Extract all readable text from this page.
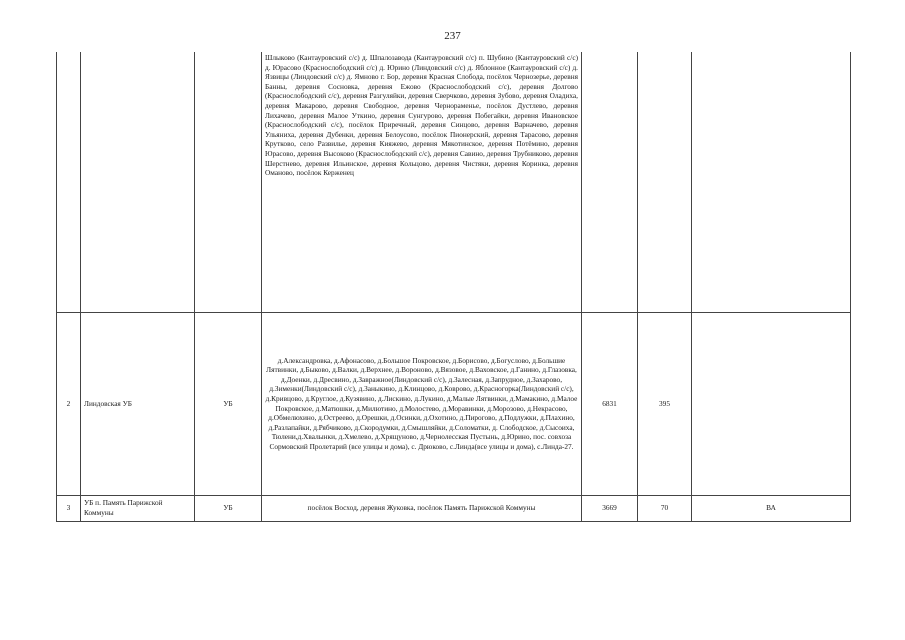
237
			Шлыково (Кантауровский с/с) д. Шпалозавода (Кантауровский с/с) п. Шубино (Кантауровский с/с) д. Юрасово (Краснослободский с/с) д. Юрино (Линдовский с/с) д. Яблонное (Кантауровский с/с) д. Язвицы (Линдовский с/с) д. Ямново г. Бор, деревня Красная Слобода, посёлок Чернозерье, деревня Банны, деревня Сосновка, деревня Ежово (Краснослободский с/с), деревня Долгово (Краснослободский с/с), деревня Разгуляйки, деревня Сверчково, деревня Зубово, деревня Оладиха, деревня Макарово, деревня Свободное, деревня Чернораменье, посёлок Дустлево, деревня Лихачево, деревня Малое Уткино, деревня Сунгурово, деревня Побегайки, деревня Ивановское (Краснослободский с/с), посёлок Приречный, деревня Синцово, деревня Варначево, деревня Ульяниха, деревня Дубенки, деревня Белоусово, посёлок Пионерский, деревня Тарасово, деревня Крутково, село Развилье, деревня Кияжево, деревня Мякотинское, деревня Потёмино, деревня Юрасово, деревня Высоково (Краснослободский с/с), деревня Савино, деревня Трубниково, деревня Шерстнево, деревня Ильинское, деревня Кольцово, деревня Чистяки, деревня Коринка, деревня Оманово, посёлок Керженец			
2	Линдовская УБ	УБ	д.Александровка, д.Афонасово, д.Большое Покровское, д.Борисово, д.Богуслово, д.Большие Лятвинки, д.Быково, д.Валки, д.Верхнее, д.Вороново, д.Вязовое, д.Ваховское, д.Ганино, д.Глазовка, д.Доенки, д.Дресвино, д.Завражное(Линдовский с/с), д.Залесная, д.Запрудное, д.Захарово, д.Зименки(Линдовский с/с), д.Заныкино, д.Клинцово, д.Коврово, д.Красногорка(Линдовский с/с), д.Кривцово, д.Круглое, д.Кузявино, д.Лискино, д.Лукино, д.Малые Лятвинки, д.Мамакино, д.Малое Покровское, д.Матюшки, д.Милютино, д.Молостево, д.Моравинки, д.Морозово, д.Некрасово, д.Обмелюхино, д.Остреево, д.Орешки, д.Осинки, д.Охотино, д.Пирогово, д.Подлужки, д.Плахино, д.Разлапайки, д.Рябчиково, д.Скородумки, д.Смышляйки, д.Соломатки, д. Слободское, д.Сысоиха, Тюлени,д.Хвалынки, д.Хмелево, д.Хрящуново, д.Чернолесская Пустынь, д.Юрино, пос. совхоза Сормовский Пролетарий (все улицы и дома), с. Дрюково, с.Линда(все улицы и дома), с.Линда-27.	6831	395	
3	УБ п. Память Парижской Коммуны	УБ	посёлок Восход, деревня Жуковка, посёлок Память Парижской Коммуны	3669	70	ВА
